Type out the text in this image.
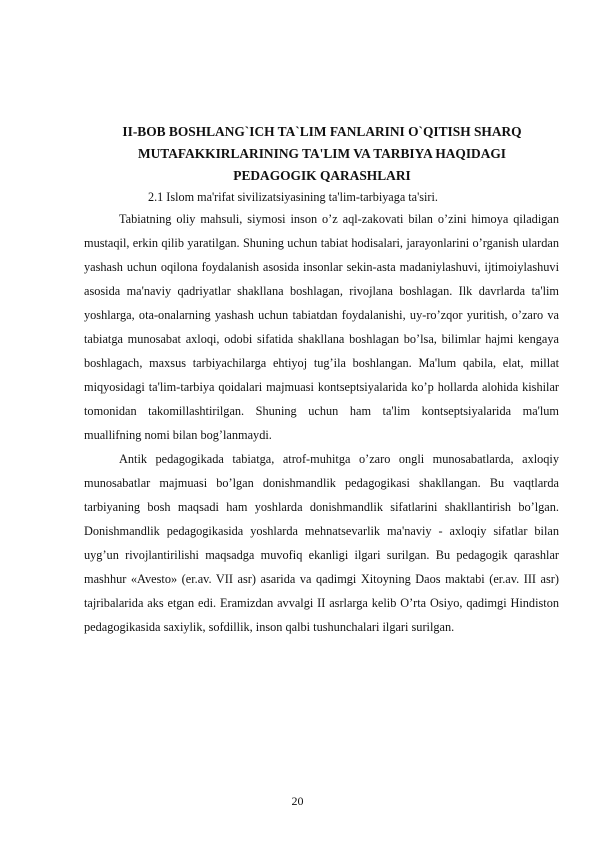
II-BOB BOSHLANG`ICH TA`LIM FANLARINI O`QITISH SHARQ
MUTAFAKKIRLARINING TA'LIM VA TARBIYA HAQIDAGI
PEDAGOGIK QARASHLARI
2.1 Islom ma'rifat sivilizatsiyasining ta'lim-tarbiyaga ta'siri.

Tabiatning oliy mahsuli, siymosi inson o’z aql-zakovati bilan o’zini himoya qiladigan mustaqil, erkin qilib yaratilgan. Shuning uchun tabiat hodisalari, jarayonlarini o’rganish ulardan yashash uchun oqilona foydalanish asosida insonlar sekin-asta madaniylashuvi, ijtimoiylashuvi asosida ma'naviy qadriyatlar shakllana boshlagan, rivojlana boshlagan. Ilk davrlarda ta'lim yoshlarga, ota-onalarning yashash uchun tabiatdan foydalanishi, uy-ro’zqor yuritish, o’zaro va tabiatga munosabat axloqi, odobi sifatida shakllana boshlagan bo’lsa, bilimlar hajmi kengaya boshlagach, maxsus tarbiyachilarga ehtiyoj tug’ila boshlangan. Ma'lum qabila, elat, millat miqyosidagi ta'lim-tarbiya qoidalari majmuasi kontseptsiyalarida ko’p hollarda alohida kishilar tomonidan takomillashtirilgan. Shuning uchun ham ta'lim kontseptsiyalarida ma'lum muallifning nomi bilan bog’lanmaydi.

Antik pedagogikada tabiatga, atrof-muhitga o’zaro ongli munosabatlarda, axloqiy munosabatlar majmuasi bo’lgan donishmandlik pedagogikasi shakllangan. Bu vaqtlarda tarbiyaning bosh maqsadi ham yoshlarda donishmandlik sifatlarini shakllantirish bo’lgan. Donishmandlik pedagogikasida yoshlarda mehnatsevarlik ma'naviy - axloqiy sifatlar bilan uyg’un rivojlantirilishi maqsadga muvofiq ekanligi ilgari surilgan. Bu pedagogik qarashlar mashhur «Avesto» (er.av. VII asr) asarida va qadimgi Xitoyning Daos maktabi (er.av. III asr) tajribalarida aks etgan edi. Eramizdan avvalgi II asrlarga kelib O’rta Osiyo, qadimgi Hindiston pedagogikasida saxiylik, sofdillik, inson qalbi tushunchalari ilgari surilgan.

20
